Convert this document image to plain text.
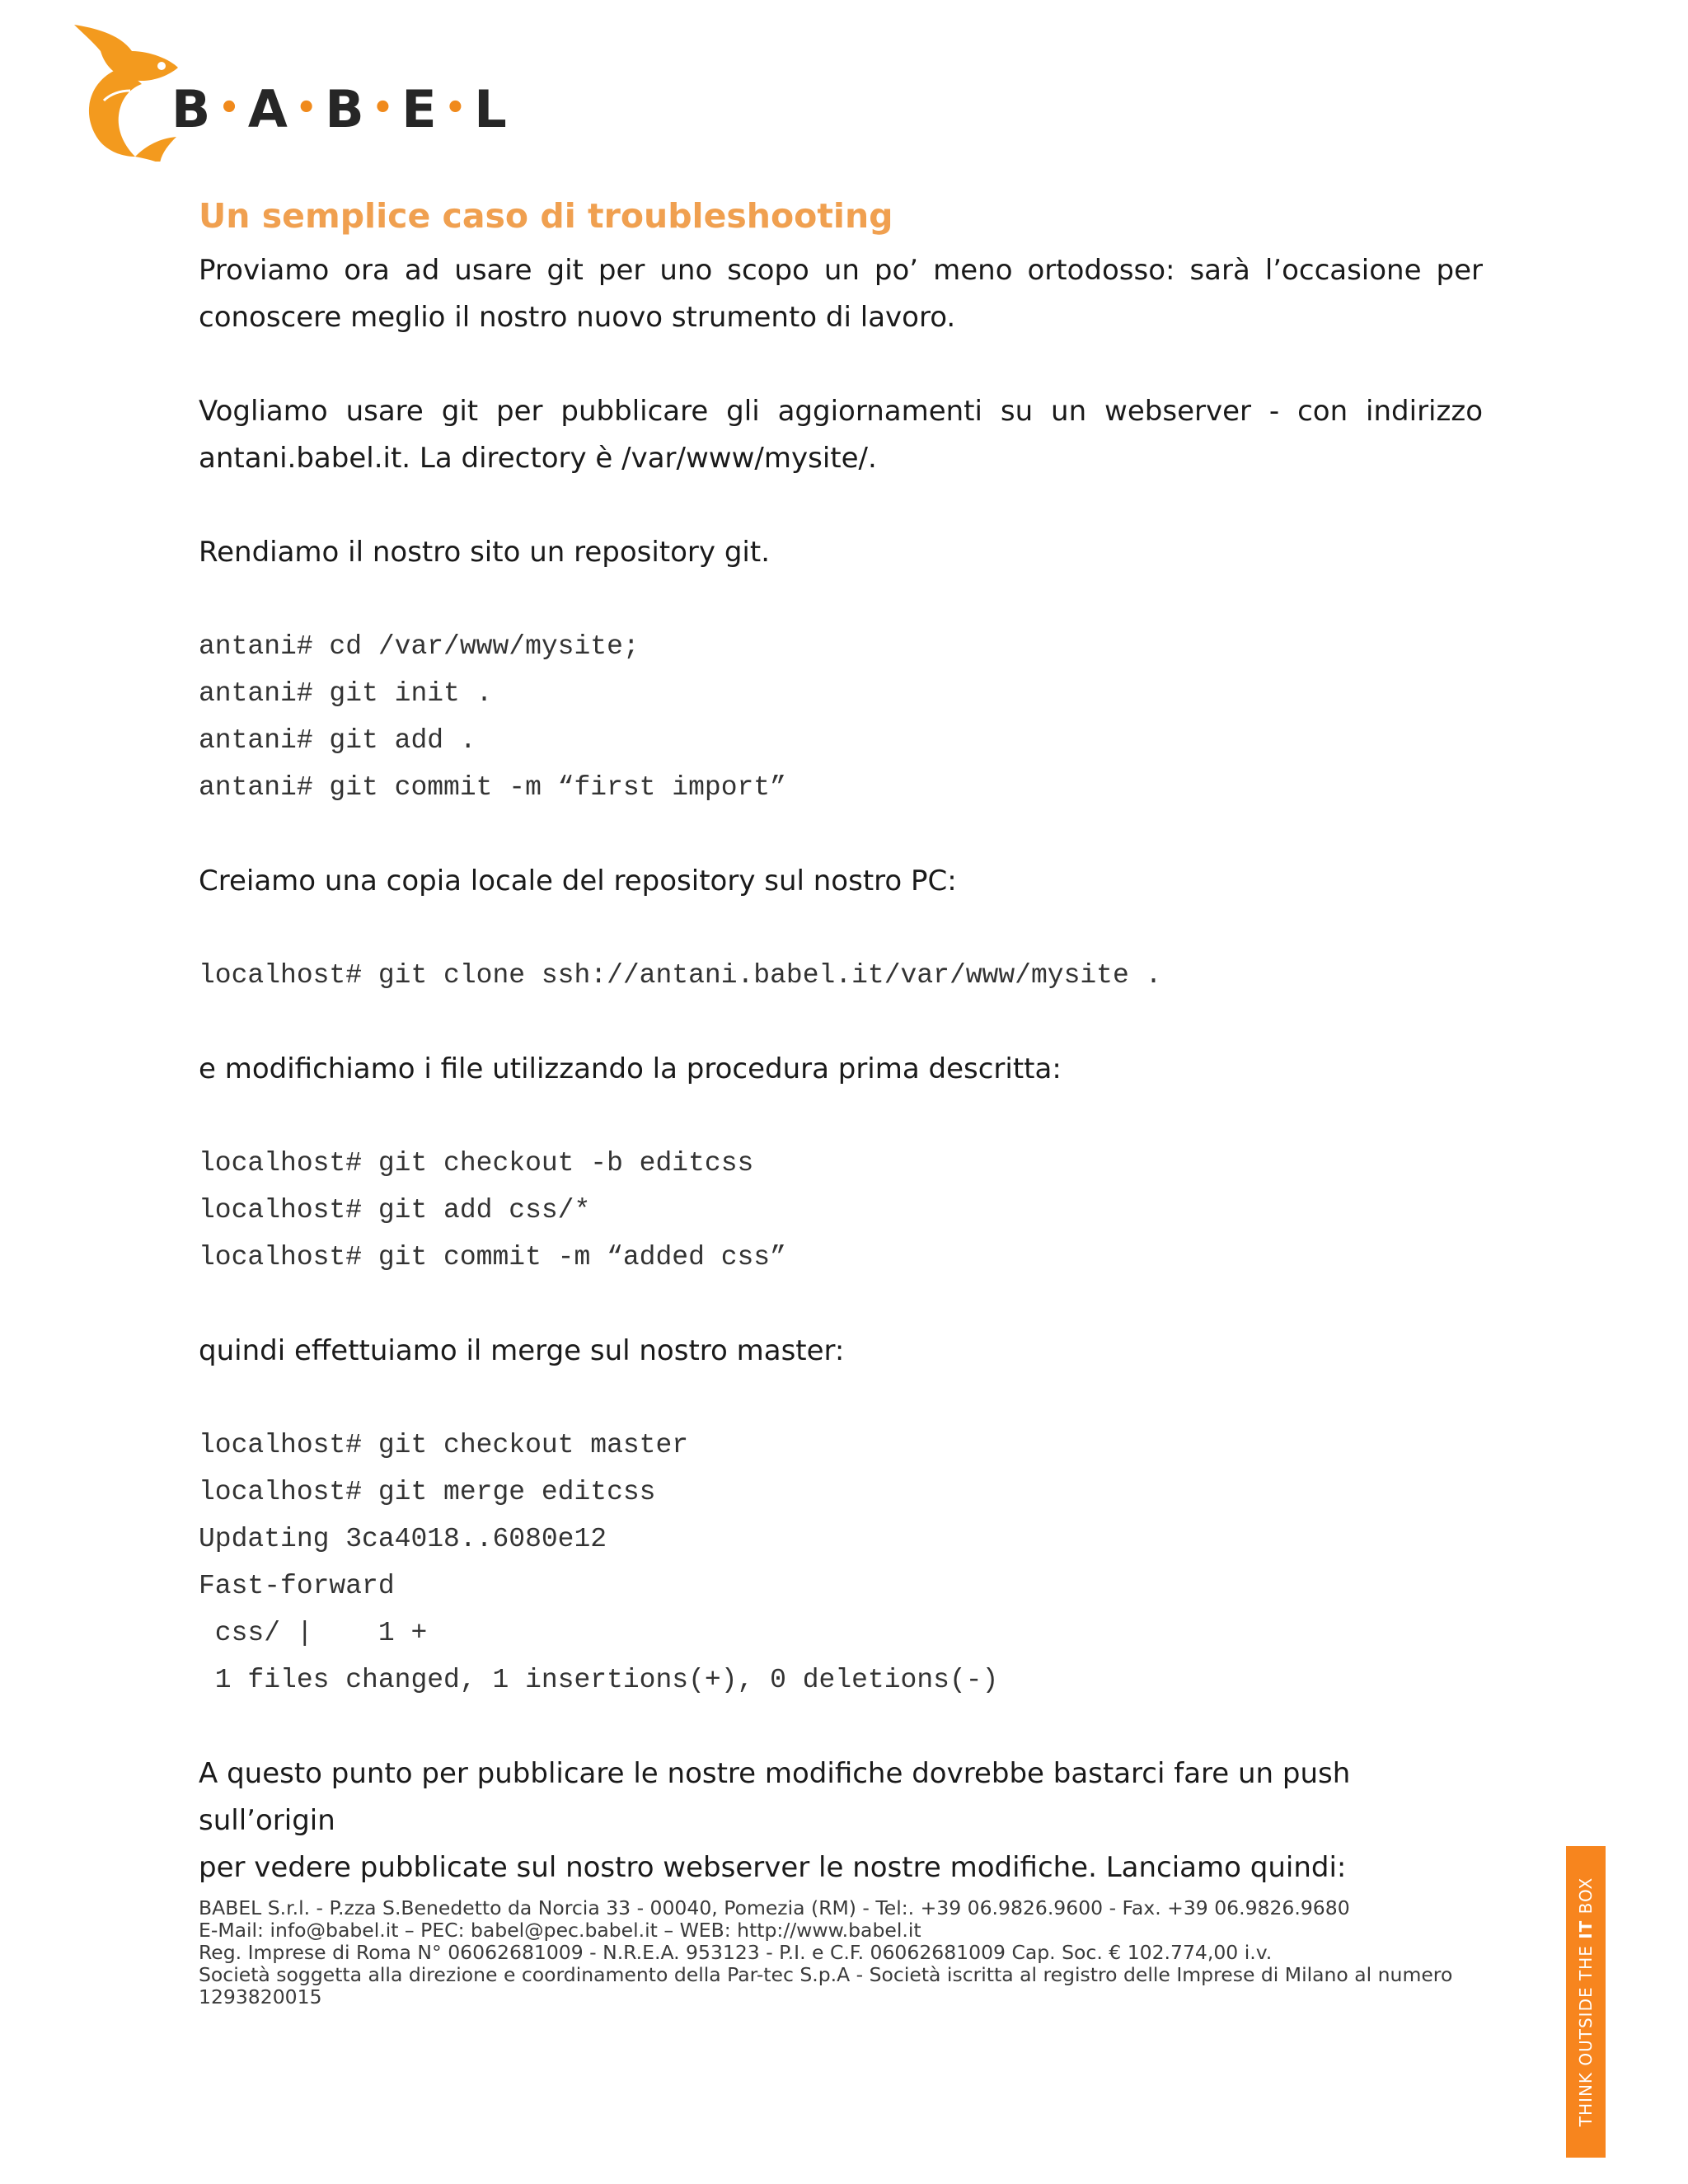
B • A • B • E • L
Un semplice caso di troubleshooting

Proviamo ora ad usare git per uno scopo un po’ meno ortodosso: sarà l’occasione per conoscere meglio il nostro nuovo strumento di lavoro.

Vogliamo usare git per pubblicare gli aggiornamenti su un webserver - con indirizzo antani.babel.it. La directory è /var/www/mysite/.

Rendiamo il nostro sito un repository git.

antani# cd /var/www/mysite;
antani# git init .
antani# git add .
antani# git commit -m “first import”

Creiamo una copia locale del repository sul nostro PC:

localhost# git clone ssh://antani.babel.it/var/www/mysite .

e modifichiamo i file utilizzando la procedura prima descritta:

localhost# git checkout -b editcss
localhost# git add css/*
localhost# git commit -m “added css”

quindi effettuiamo il merge sul nostro master:

localhost# git checkout master
localhost# git merge editcss
Updating 3ca4018..6080e12
Fast-forward
css/ |    1 +
1 files changed, 1 insertions(+), 0 deletions(-)

A questo punto per pubblicare le nostre modifiche dovrebbe bastarci fare un push sull’origin

per vedere pubblicate sul nostro webserver le nostre modifiche. Lanciamo quindi:

BABEL S.r.l. - P.zza S.Benedetto da Norcia 33 - 00040, Pomezia (RM) - Tel:. +39 06.9826.9600 - Fax. +39 06.9826.9680
E-Mail: info@babel.it – PEC: babel@pec.babel.it – WEB: http://www.babel.it
Reg. Imprese di Roma N° 06062681009 - N.R.E.A. 953123 - P.I. e C.F. 06062681009 Cap. Soc. € 102.774,00 i.v.
Società soggetta alla direzione e coordinamento della Par-tec S.p.A - Società iscritta al registro delle Imprese di Milano al numero
1293820015	THINK OUTSIDE THE IT BOX
